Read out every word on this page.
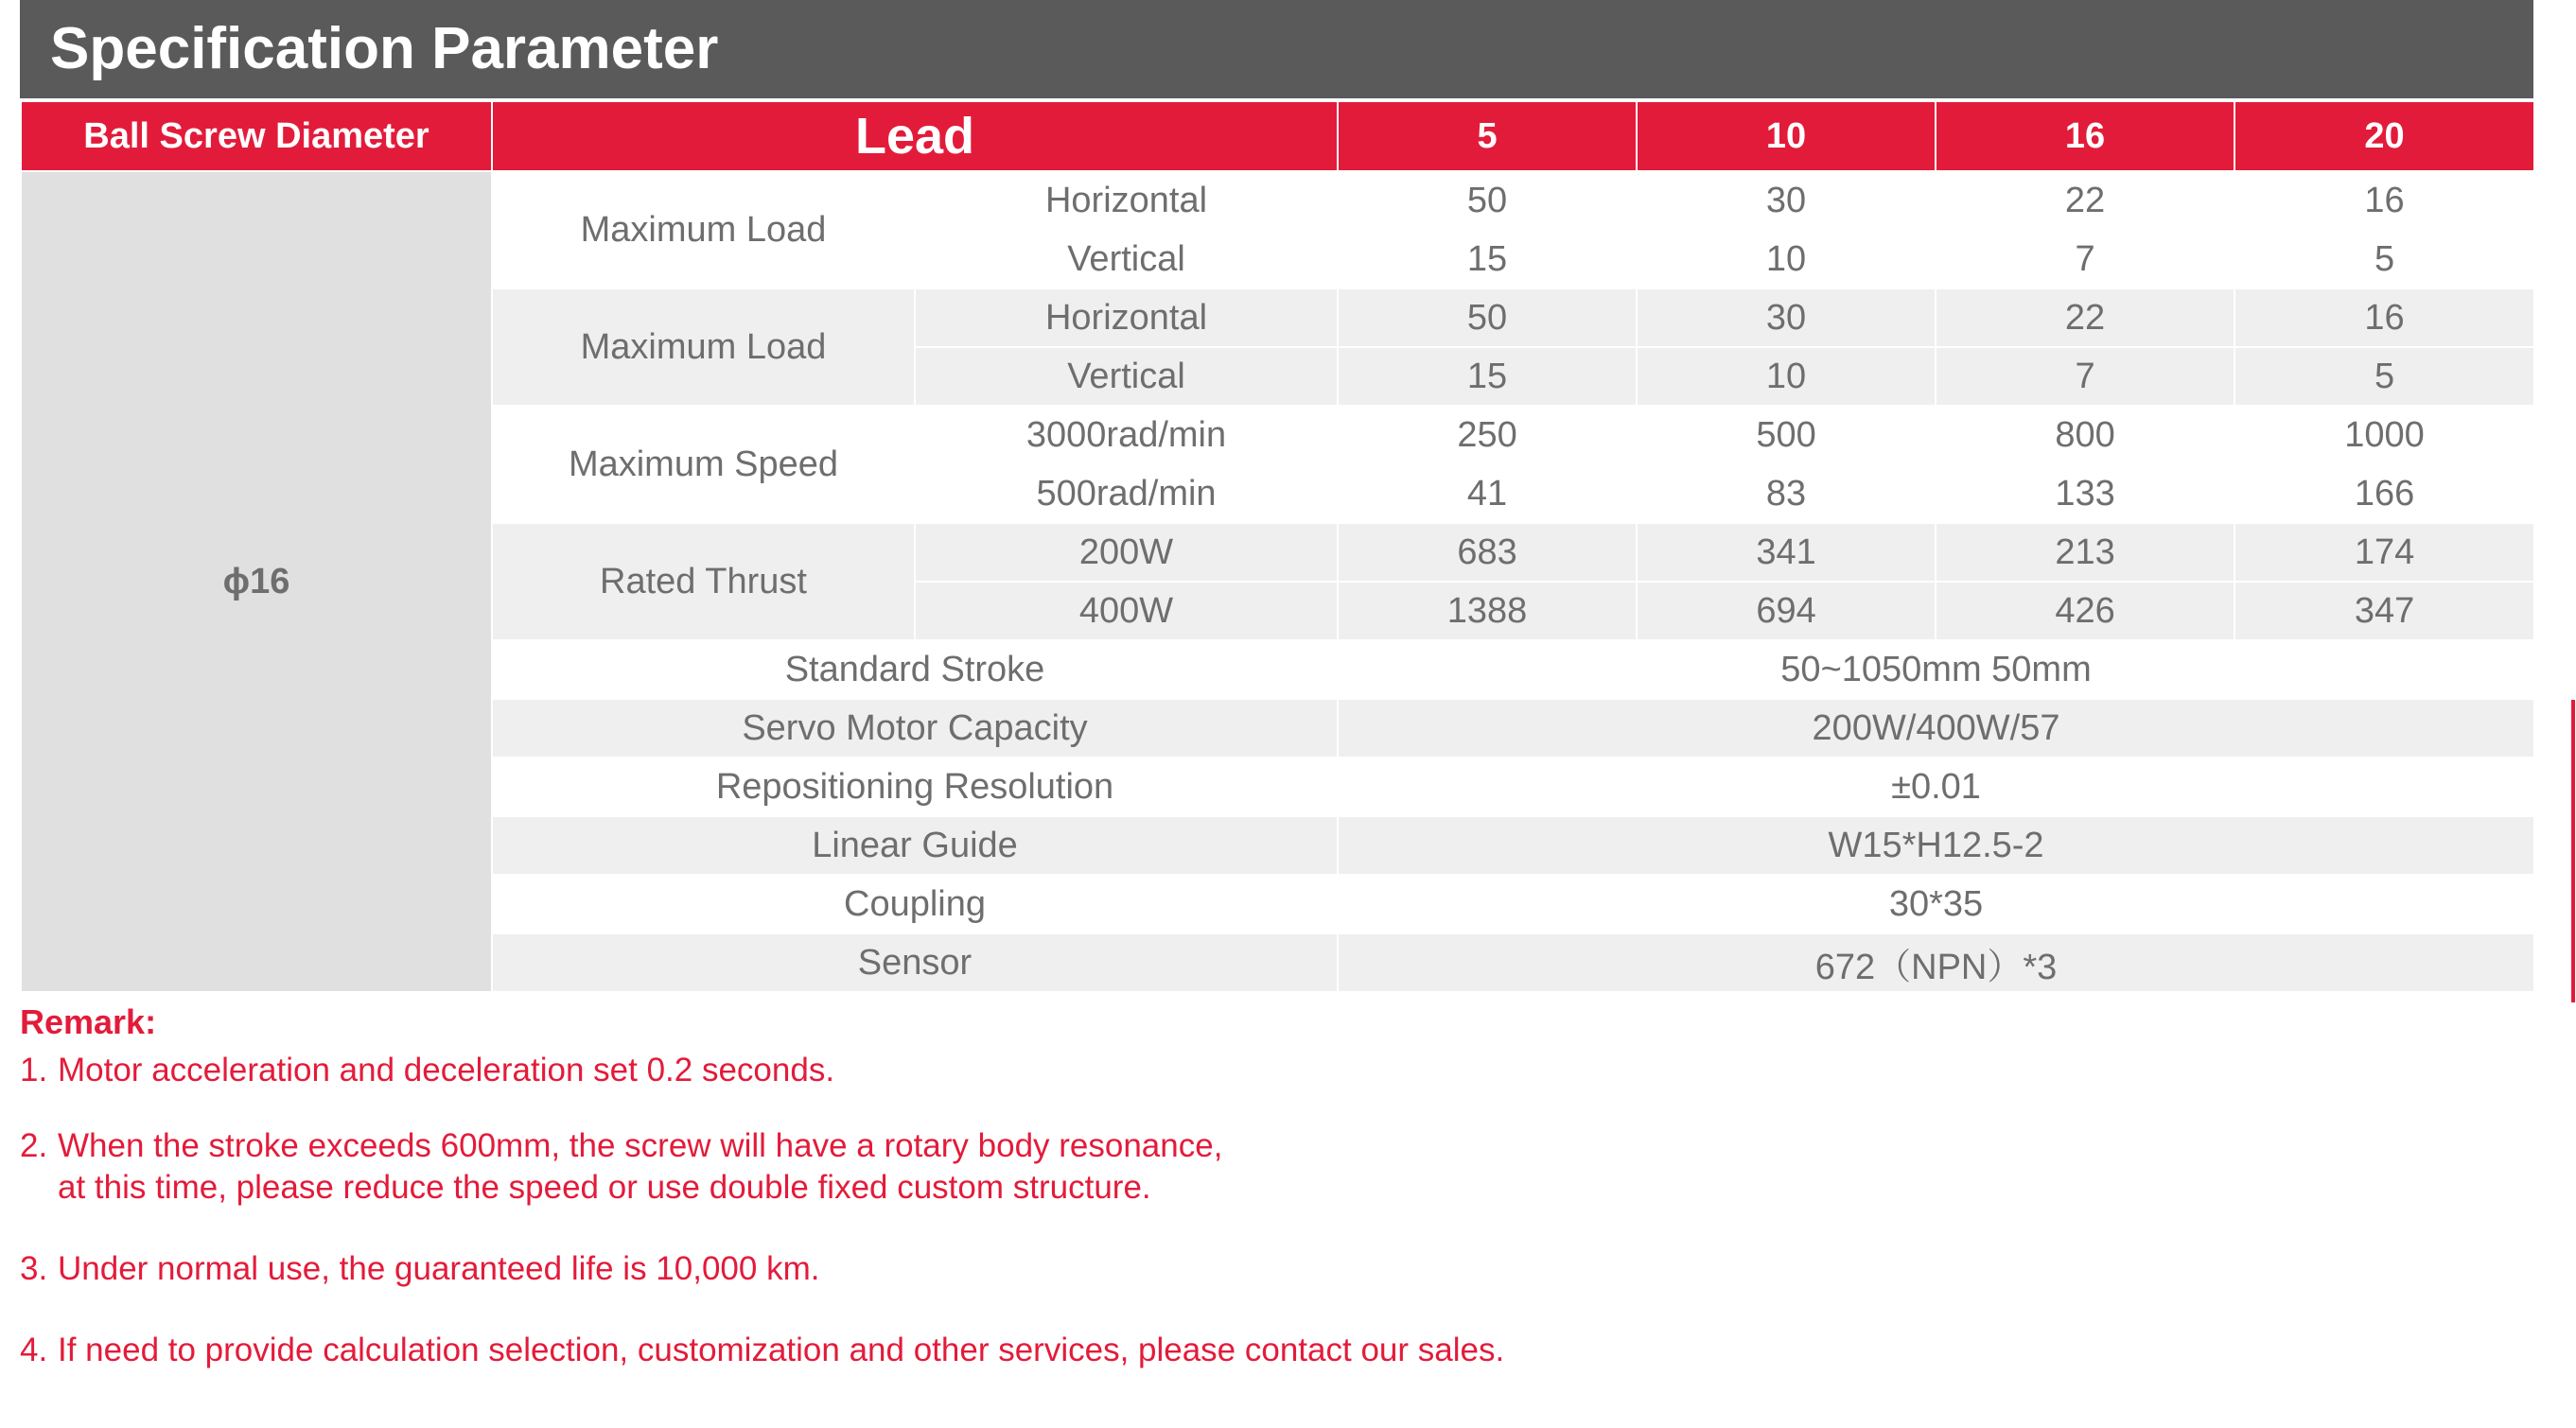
Specification Parameter
Ball Screw Diameter	Lead		5	10	16	20
ϕ16	Maximum Load	Horizontal	50	30	22	16
		Vertical	15	10	7	5
	Maximum Load	Horizontal	50	30	22	16
		Vertical	15	10	7	5
	Maximum Speed	3000rad/min	250	500	800	1000
		500rad/min	41	83	133	166
	Rated Thrust	200W	683	341	213	174
		400W	1388	694	426	347
	Standard Stroke		50~1050mm 50mm			
	Servo Motor Capacity		200W/400W/57			
	Repositioning Resolution		±0.01			
	Linear Guide		W15*H12.5-2			
	Coupling		30*35			
	Sensor		672（NPN）*3			
Remark:
1. Motor acceleration and deceleration set 0.2 seconds.
2. When the stroke exceeds 600mm, the screw will have a rotary body resonance,
at this time, please reduce the speed or use double fixed custom structure.
3. Under normal use, the guaranteed life is 10,000 km.
4. If need to provide calculation selection, customization and other services, please contact our sales.
